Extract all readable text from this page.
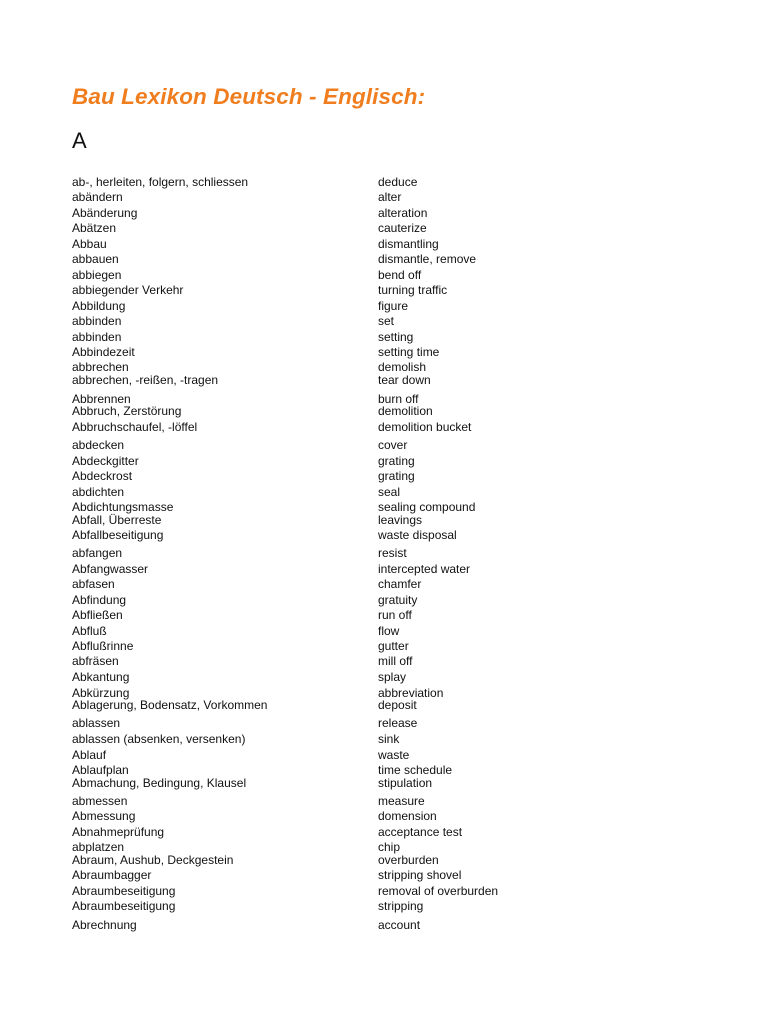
Bau Lexikon Deutsch - Englisch:
A
ab-, herleiten, folgern, schliessen	deduce
abändern	alter
Abänderung	alteration
Abätzen	cauterize
Abbau	dismantling
abbauen	dismantle, remove
abbiegen	bend off
abbiegender Verkehr	turning traffic
Abbildung	figure
abbinden	set
abbinden	setting
Abbindezeit	setting time
abbrechen	demolish
abbrechen, -reißen, -tragen	tear down
Abbrennen	burn off
Abbruch, Zerstörung	demolition
Abbruchschaufel, -löffel	demolition bucket
abdecken	cover
Abdeckgitter	grating
Abdeckrost	grating
abdichten	seal
Abdichtungsmasse	sealing compound
Abfall, Überreste	leavings
Abfallbeseitigung	waste disposal
abfangen	resist
Abfangwasser	intercepted water
abfasen	chamfer
Abfindung	gratuity
Abfließen	run off
Abfluß	flow
Abflußrinne	gutter
abfräsen	mill off
Abkantung	splay
Abkürzung	abbreviation
Ablagerung, Bodensatz, Vorkommen	deposit
ablassen	release
ablassen (absenken, versenken)	sink
Ablauf	waste
Ablaufplan	time schedule
Abmachung, Bedingung, Klausel	stipulation
abmessen	measure
Abmessung	domension
Abnahmeprüfung	acceptance test
abplatzen	chip
Abraum, Aushub, Deckgestein	overburden
Abraumbagger	stripping shovel
Abraumbeseitigung	removal of overburden
Abraumbeseitigung	stripping
Abrechnung	account
